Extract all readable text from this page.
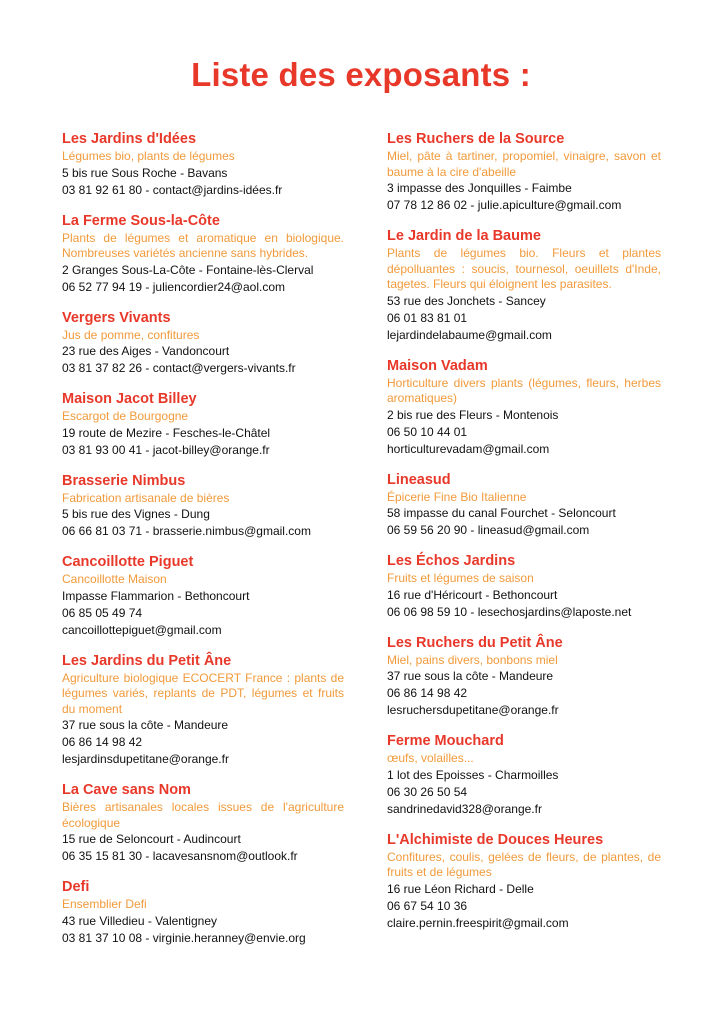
Liste des exposants :
Les Jardins d'Idées
Légumes bio, plants de légumes
5 bis rue Sous Roche - Bavans
03 81 92 61 80 - contact@jardins-idées.fr
La Ferme Sous-la-Côte
Plants de légumes et aromatique en biologique. Nombreuses variétés ancienne sans hybrides.
2 Granges Sous-La-Côte - Fontaine-lès-Clerval
06 52 77 94 19 - juliencordier24@aol.com
Vergers Vivants
Jus de pomme, confitures
23 rue des Aiges - Vandoncourt
03 81 37 82 26 - contact@vergers-vivants.fr
Maison Jacot Billey
Escargot de Bourgogne
19 route de Mezire - Fesches-le-Châtel
03 81 93 00 41 - jacot-billey@orange.fr
Brasserie Nimbus
Fabrication artisanale de bières
5 bis rue des Vignes - Dung
06 66 81 03 71 - brasserie.nimbus@gmail.com
Cancoillotte Piguet
Cancoillotte Maison
Impasse Flammarion - Bethoncourt
06 85 05 49 74
cancoillottepiguet@gmail.com
Les Jardins du Petit Âne
Agriculture biologique ECOCERT France : plants de légumes variés, replants de PDT, légumes et fruits du moment
37 rue sous la côte - Mandeure
06 86 14 98 42
lesjardinsdupetitane@orange.fr
La Cave sans Nom
Bières artisanales locales issues de l'agriculture écologique
15 rue de Seloncourt - Audincourt
06 35 15 81 30 - lacavesansnom@outlook.fr
Defi
Ensemblier Defi
43 rue Villedieu - Valentigney
03 81 37 10 08 - virginie.heranney@envie.org
Les Ruchers de la Source
Miel, pâte à tartiner, propomiel, vinaigre, savon et baume à la cire d'abeille
3 impasse des Jonquilles - Faimbe
07 78 12 86 02 - julie.apiculture@gmail.com
Le Jardin de la Baume
Plants de légumes bio. Fleurs et plantes dépolluantes : soucis, tournesol, oeuillets d'Inde, tagetes. Fleurs qui éloignent les parasites.
53 rue des Jonchets - Sancey
06 01 83 81 01
lejardindelabaume@gmail.com
Maison Vadam
Horticulture divers plants (légumes, fleurs, herbes aromatiques)
2 bis rue des Fleurs - Montenois
06 50 10 44 01
horticulturevadam@gmail.com
Lineasud
Épicerie Fine Bio Italienne
58 impasse du canal Fourchet - Seloncourt
06 59 56 20 90 - lineasud@gmail.com
Les Échos Jardins
Fruits et légumes de saison
16 rue d'Héricourt - Bethoncourt
06 06 98 59 10 - lesechosjardins@laposte.net
Les Ruchers du Petit Âne
Miel, pains divers, bonbons miel
37 rue sous la côte - Mandeure
06 86 14 98 42
lesruchersdupetitane@orange.fr
Ferme Mouchard
œufs, volailles...
1 lot des Epoisses - Charmoilles
06 30 26 50 54
sandrinedavid328@orange.fr
L'Alchimiste de Douces Heures
Confitures, coulis, gelées de fleurs, de plantes, de fruits et de légumes
16 rue Léon Richard - Delle
06 67 54 10 36
claire.pernin.freespirit@gmail.com
